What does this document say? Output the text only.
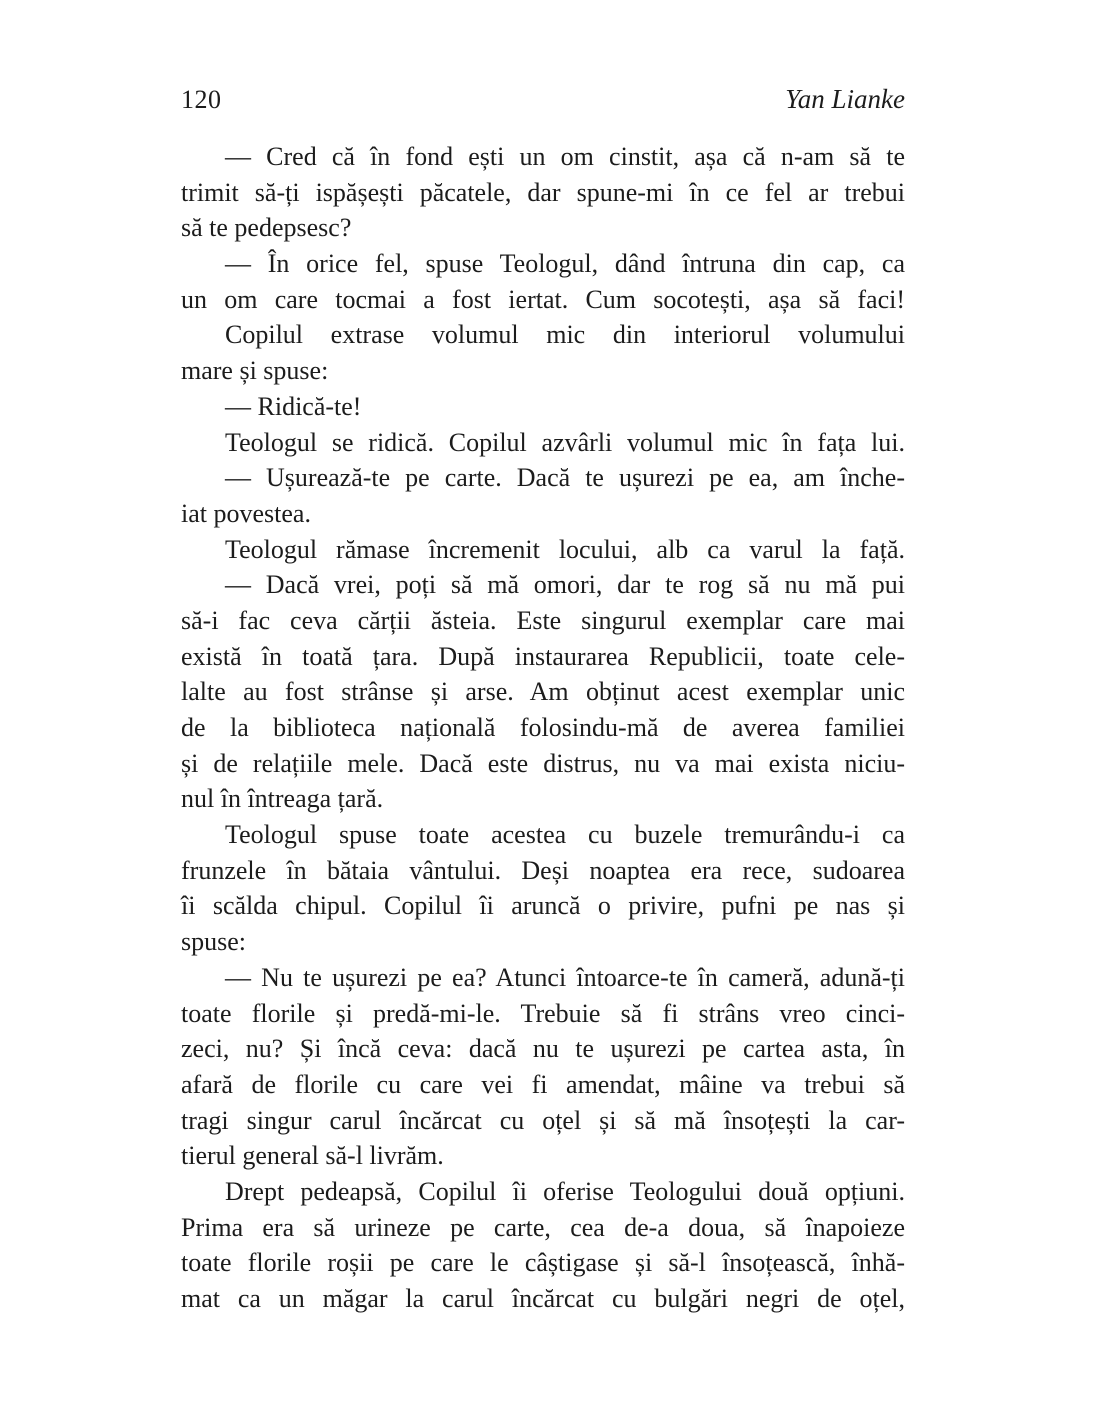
120	Yan Lianke
— Cred că în fond ești un om cinstit, așa că n-am să te
trimit să-ți ispășești păcatele, dar spune-mi în ce fel ar trebui
să te pedepsesc?
— În orice fel, spuse Teologul, dând întruna din cap, ca
un om care tocmai a fost iertat. Cum socotești, așa să faci!
Copilul extrase volumul mic din interiorul volumului
mare și spuse:
— Ridică-te!
Teologul se ridică. Copilul azvârli volumul mic în fața lui.
— Ușurează-te pe carte. Dacă te ușurezi pe ea, am înche-
iat povestea.
Teologul rămase încremenit locului, alb ca varul la față.
— Dacă vrei, poți să mă omori, dar te rog să nu mă pui
să-i fac ceva cărții ăsteia. Este singurul exemplar care mai
există în toată țara. După instaurarea Republicii, toate cele-
lalte au fost strânse și arse. Am obținut acest exemplar unic
de la biblioteca națională folosindu-mă de averea familiei
și de relațiile mele. Dacă este distrus, nu va mai exista niciu-
nul în întreaga țară.
Teologul spuse toate acestea cu buzele tremurându-i ca
frunzele în bătaia vântului. Deși noaptea era rece, sudoarea
îi scălda chipul. Copilul îi aruncă o privire, pufni pe nas și
spuse:
— Nu te ușurezi pe ea? Atunci întoarce-te în cameră, adună-ți
toate florile și predă-mi-le. Trebuie să fi strâns vreo cinci-
zeci, nu? Și încă ceva: dacă nu te ușurezi pe cartea asta, în
afară de florile cu care vei fi amendat, mâine va trebui să
tragi singur carul încărcat cu oțel și să mă însoțești la car-
tierul general să-l livrăm.
Drept pedeapsă, Copilul îi oferise Teologului două opțiuni.
Prima era să urineze pe carte, cea de-a doua, să înapoieze
toate florile roșii pe care le câștigase și să-l însoțească, înhă-
mat ca un măgar la carul încărcat cu bulgări negri de oțel,
